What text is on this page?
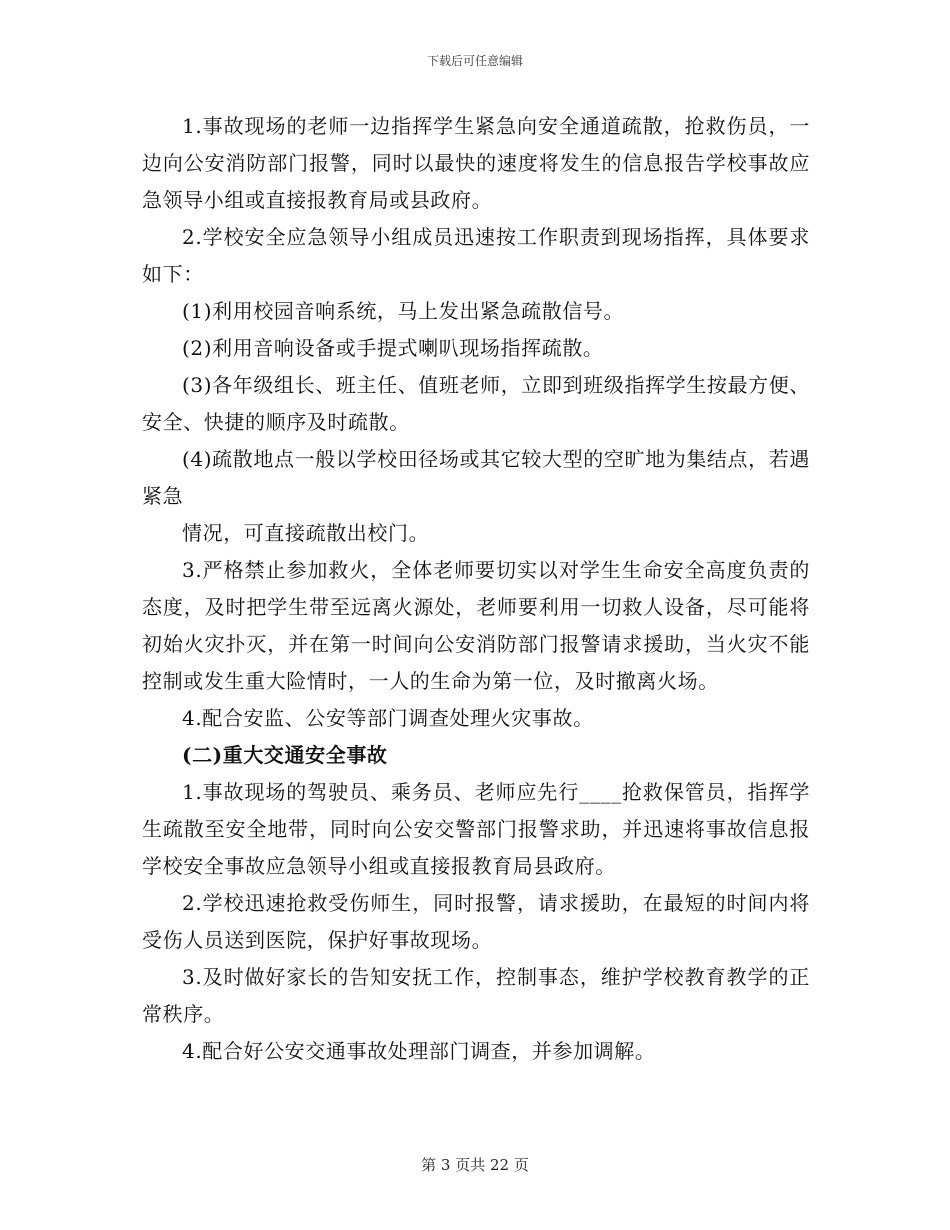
下载后可任意编辑

1.事故现场的老师一边指挥学生紧急向安全通道疏散，抢救伤员，一边向公安消防部门报警，同时以最快的速度将发生的信息报告学校事故应急领导小组或直接报教育局或县政府。

2.学校安全应急领导小组成员迅速按工作职责到现场指挥，具体要求如下：

(1)利用校园音响系统，马上发出紧急疏散信号。

(2)利用音响设备或手提式喇叭现场指挥疏散。

(3)各年级组长、班主任、值班老师，立即到班级指挥学生按最方便、安全、快捷的顺序及时疏散。

(4)疏散地点一般以学校田径场或其它较大型的空旷地为集结点，若遇紧急

情况，可直接疏散出校门。

3.严格禁止参加救火，全体老师要切实以对学生生命安全高度负责的态度，及时把学生带至远离火源处，老师要利用一切救人设备，尽可能将初始火灾扑灭，并在第一时间向公安消防部门报警请求援助，当火灾不能控制或发生重大险情时，一人的生命为第一位，及时撤离火场。

4.配合安监、公安等部门调查处理火灾事故。

(二)重大交通安全事故

1.事故现场的驾驶员、乘务员、老师应先行____抢救保管员，指挥学生疏散至安全地带，同时向公安交警部门报警求助，并迅速将事故信息报学校安全事故应急领导小组或直接报教育局县政府。

2.学校迅速抢救受伤师生，同时报警，请求援助，在最短的时间内将受伤人员送到医院，保护好事故现场。

3.及时做好家长的告知安抚工作，控制事态，维护学校教育教学的正常秩序。

4.配合好公安交通事故处理部门调查，并参加调解。

第 3 页共 22 页
